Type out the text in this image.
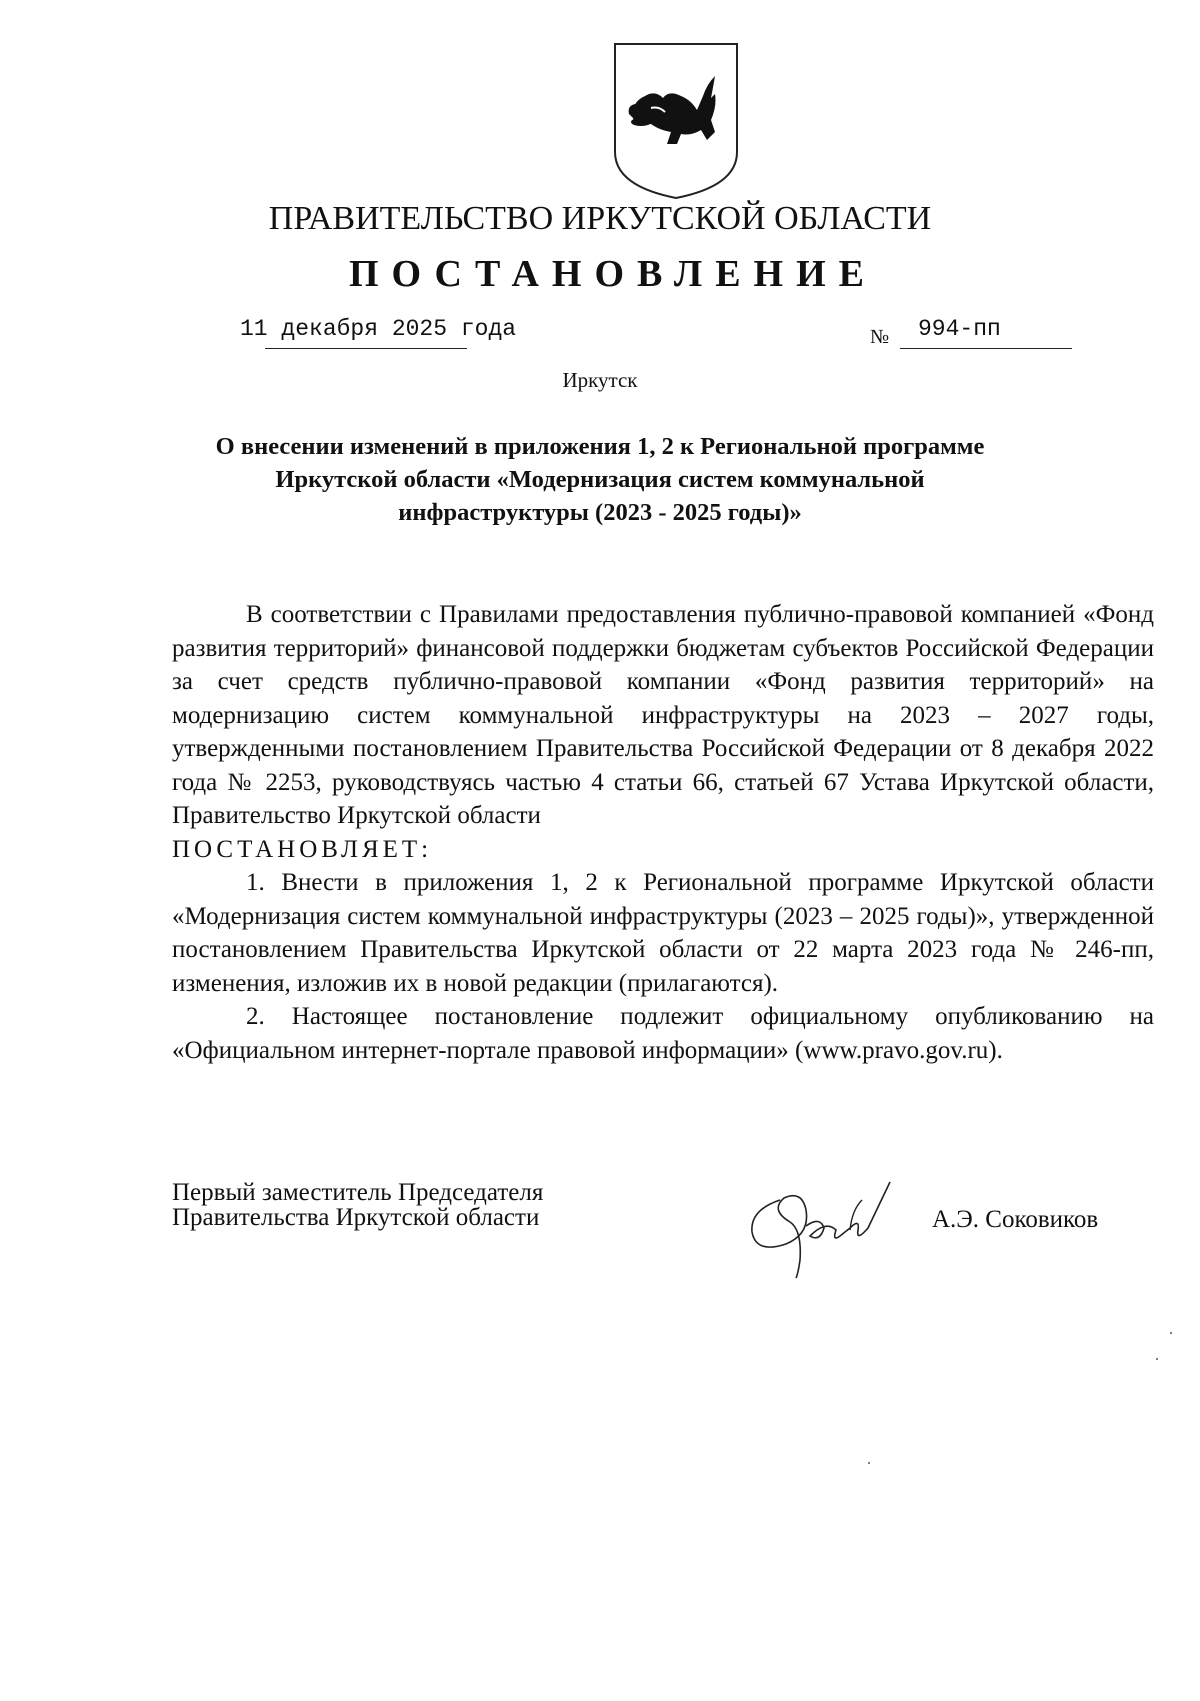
ПРАВИТЕЛЬСТВО ИРКУТСКОЙ ОБЛАСТИ
ПОСТАНОВЛЕНИЕ
11 декабря 2025 года	№ 994-пп
Иркутск
О внесении изменений в приложения 1, 2 к Региональной программе
Иркутской области «Модернизация систем коммунальной
инфраструктуры (2023 - 2025 годы)»

В соответствии с Правилами предоставления публично-правовой компанией «Фонд развития территорий» финансовой поддержки бюджетам субъектов Российской Федерации за счет средств публично-правовой компании «Фонд развития территорий» на модернизацию систем коммунальной инфраструктуры на 2023 – 2027 годы, утвержденными постановлением Правительства Российской Федерации от 8 декабря 2022 года № 2253, руководствуясь частью 4 статьи 66, статьей 67 Устава Иркутской области, Правительство Иркутской области

ПОСТАНОВЛЯЕТ:

1. Внести в приложения 1, 2 к Региональной программе Иркутской области «Модернизация систем коммунальной инфраструктуры (2023 – 2025 годы)», утвержденной постановлением Правительства Иркутской области от 22 марта 2023 года № 246-пп, изменения, изложив их в новой редакции (прилагаются).

2. Настоящее постановление подлежит официальному опубликованию на «Официальном интернет-портале правовой информации» (www.pravo.gov.ru).

Первый заместитель Председателя
Правительства Иркутской области	А.Э. Соковиков
